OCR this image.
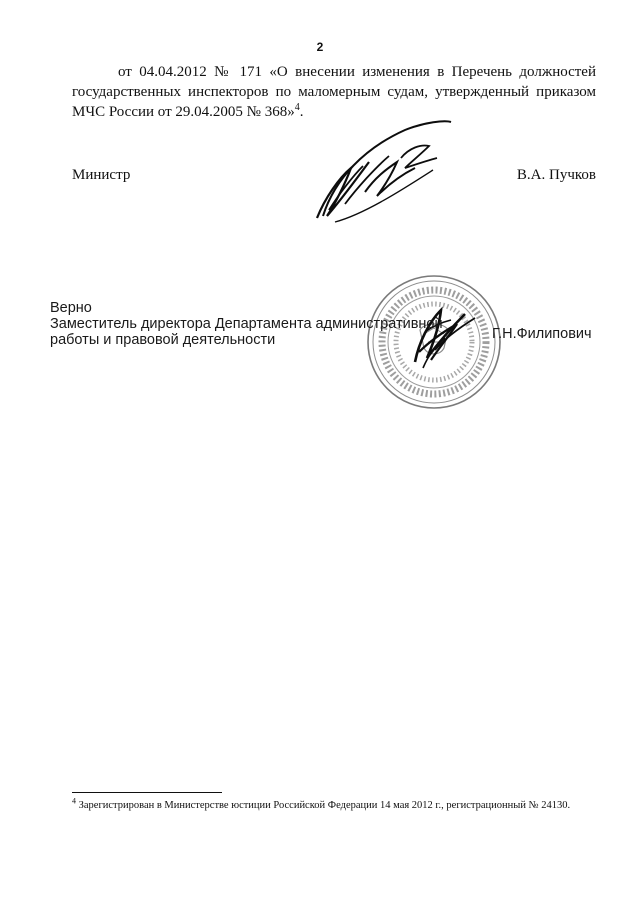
2

от 04.04.2012 № 171 «О внесении изменения в Перечень должностей государственных инспекторов по маломерным судам, утвержденный приказом МЧС России от 29.04.2005 № 368»$^4$.

Министр	В.А. Пучков
Верно
Заместитель директора Департамента административной
работы и правовой деятельности	Г.Н.Филипович
$^4$ Зарегистрирован в Министерстве юстиции Российской Федерации 14 мая 2012 г., регистрационный № 24130.
